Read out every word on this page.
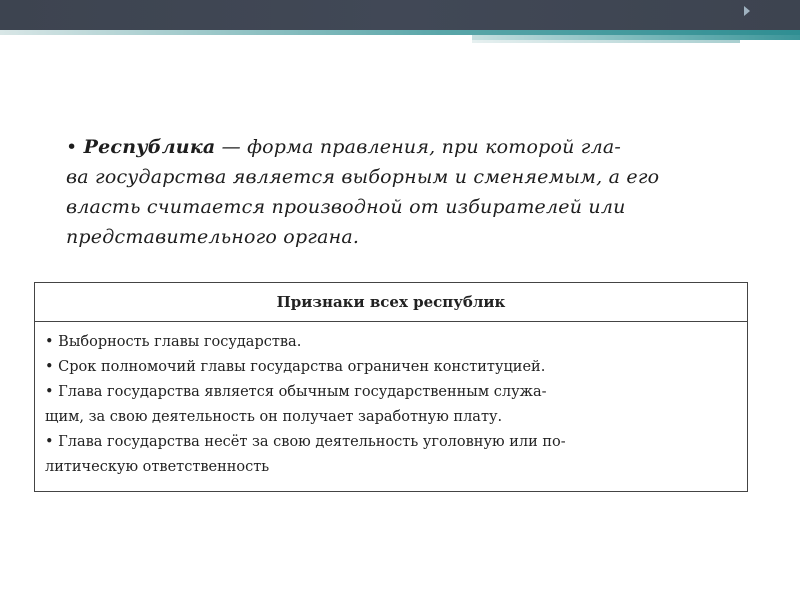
• Республика — форма правления, при которой гла-
ва государства является выборным и сменяемым, а его
власть считается производной от избирателей или
представительного органа.
Признаки всех республик
• Выборность главы государства.
• Срок полномочий главы государства ограничен конституцией.
• Глава государства является обычным государственным служа-
щим, за свою деятельность он получает заработную плату.
• Глава государства несёт за свою деятельность уголовную или по-
литическую ответственность
